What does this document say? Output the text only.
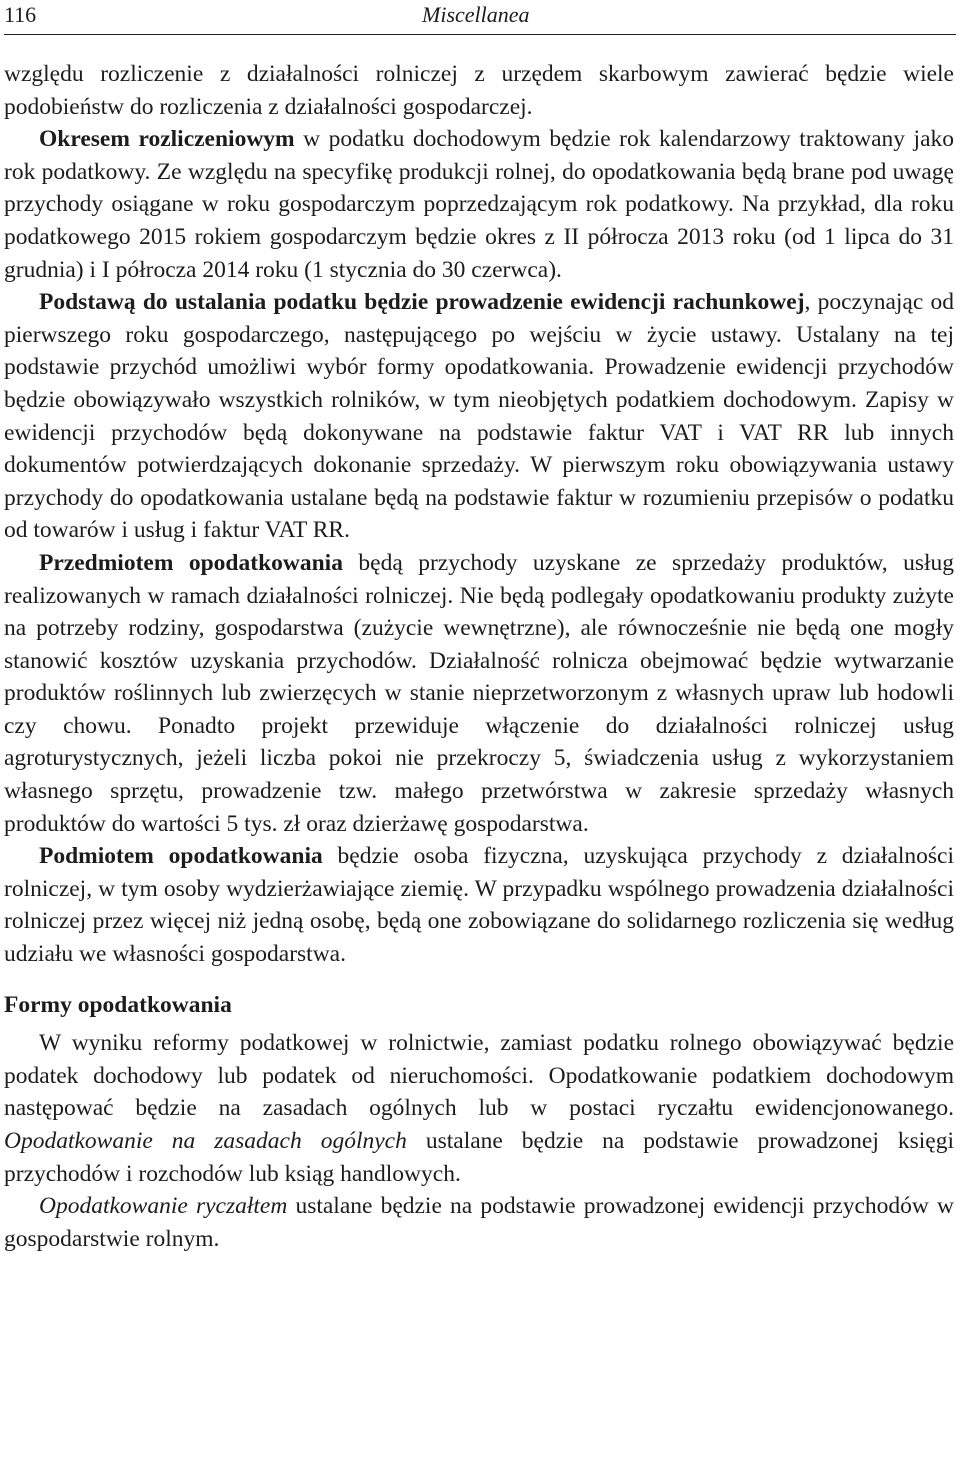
116	Miscellanea

względu rozliczenie z działalności rolniczej z urzędem skarbowym zawierać będzie wiele podobieństw do rozliczenia z działalności gospodarczej.

Okresem rozliczeniowym w podatku dochodowym będzie rok kalendarzowy traktowany jako rok podatkowy. Ze względu na specyfikę produkcji rolnej, do opodatkowania będą brane pod uwagę przychody osiągane w roku gospodarczym poprzedzającym rok podatkowy. Na przykład, dla roku podatkowego 2015 rokiem gospodarczym będzie okres z II półrocza 2013 roku (od 1 lipca do 31 grudnia) i I półrocza 2014 roku (1 stycznia do 30 czerwca).

Podstawą do ustalania podatku będzie prowadzenie ewidencji rachunkowej, poczynając od pierwszego roku gospodarczego, następującego po wejściu w życie ustawy. Ustalany na tej podstawie przychód umożliwi wybór formy opodatkowania. Prowadzenie ewidencji przychodów będzie obowiązywało wszystkich rolników, w tym nieobjętych podatkiem dochodowym. Zapisy w ewidencji przychodów będą dokonywane na podstawie faktur VAT i VAT RR lub innych dokumentów potwierdzających dokonanie sprzedaży. W pierwszym roku obowiązywania ustawy przychody do opodatkowania ustalane będą na podstawie faktur w rozumieniu przepisów o podatku od towarów i usług i faktur VAT RR.

Przedmiotem opodatkowania będą przychody uzyskane ze sprzedaży produktów, usług realizowanych w ramach działalności rolniczej. Nie będą podlegały opodatkowaniu produkty zużyte na potrzeby rodziny, gospodarstwa (zużycie wewnętrzne), ale równocześnie nie będą one mogły stanowić kosztów uzyskania przychodów. Działalność rolnicza obejmować będzie wytwarzanie produktów roślinnych lub zwierzęcych w stanie nieprzetworzonym z własnych upraw lub hodowli czy chowu. Ponadto projekt przewiduje włączenie do działalności rolniczej usług agroturystycznych, jeżeli liczba pokoi nie przekroczy 5, świadczenia usług z wykorzystaniem własnego sprzętu, prowadzenie tzw. małego przetwórstwa w zakresie sprzedaży własnych produktów do wartości 5 tys. zł oraz dzierżawę gospodarstwa.

Podmiotem opodatkowania będzie osoba fizyczna, uzyskująca przychody z działalności rolniczej, w tym osoby wydzierżawiające ziemię. W przypadku wspólnego prowadzenia działalności rolniczej przez więcej niż jedną osobę, będą one zobowiązane do solidarnego rozliczenia się według udziału we własności gospodarstwa.

Formy opodatkowania

W wyniku reformy podatkowej w rolnictwie, zamiast podatku rolnego obowiązywać będzie podatek dochodowy lub podatek od nieruchomości. Opodatkowanie podatkiem dochodowym następować będzie na zasadach ogólnych lub w postaci ryczałtu ewidencjonowanego. Opodatkowanie na zasadach ogólnych ustalane będzie na podstawie prowadzonej księgi przychodów i rozchodów lub ksiąg handlowych.

Opodatkowanie ryczałtem ustalane będzie na podstawie prowadzonej ewidencji przychodów w gospodarstwie rolnym.
